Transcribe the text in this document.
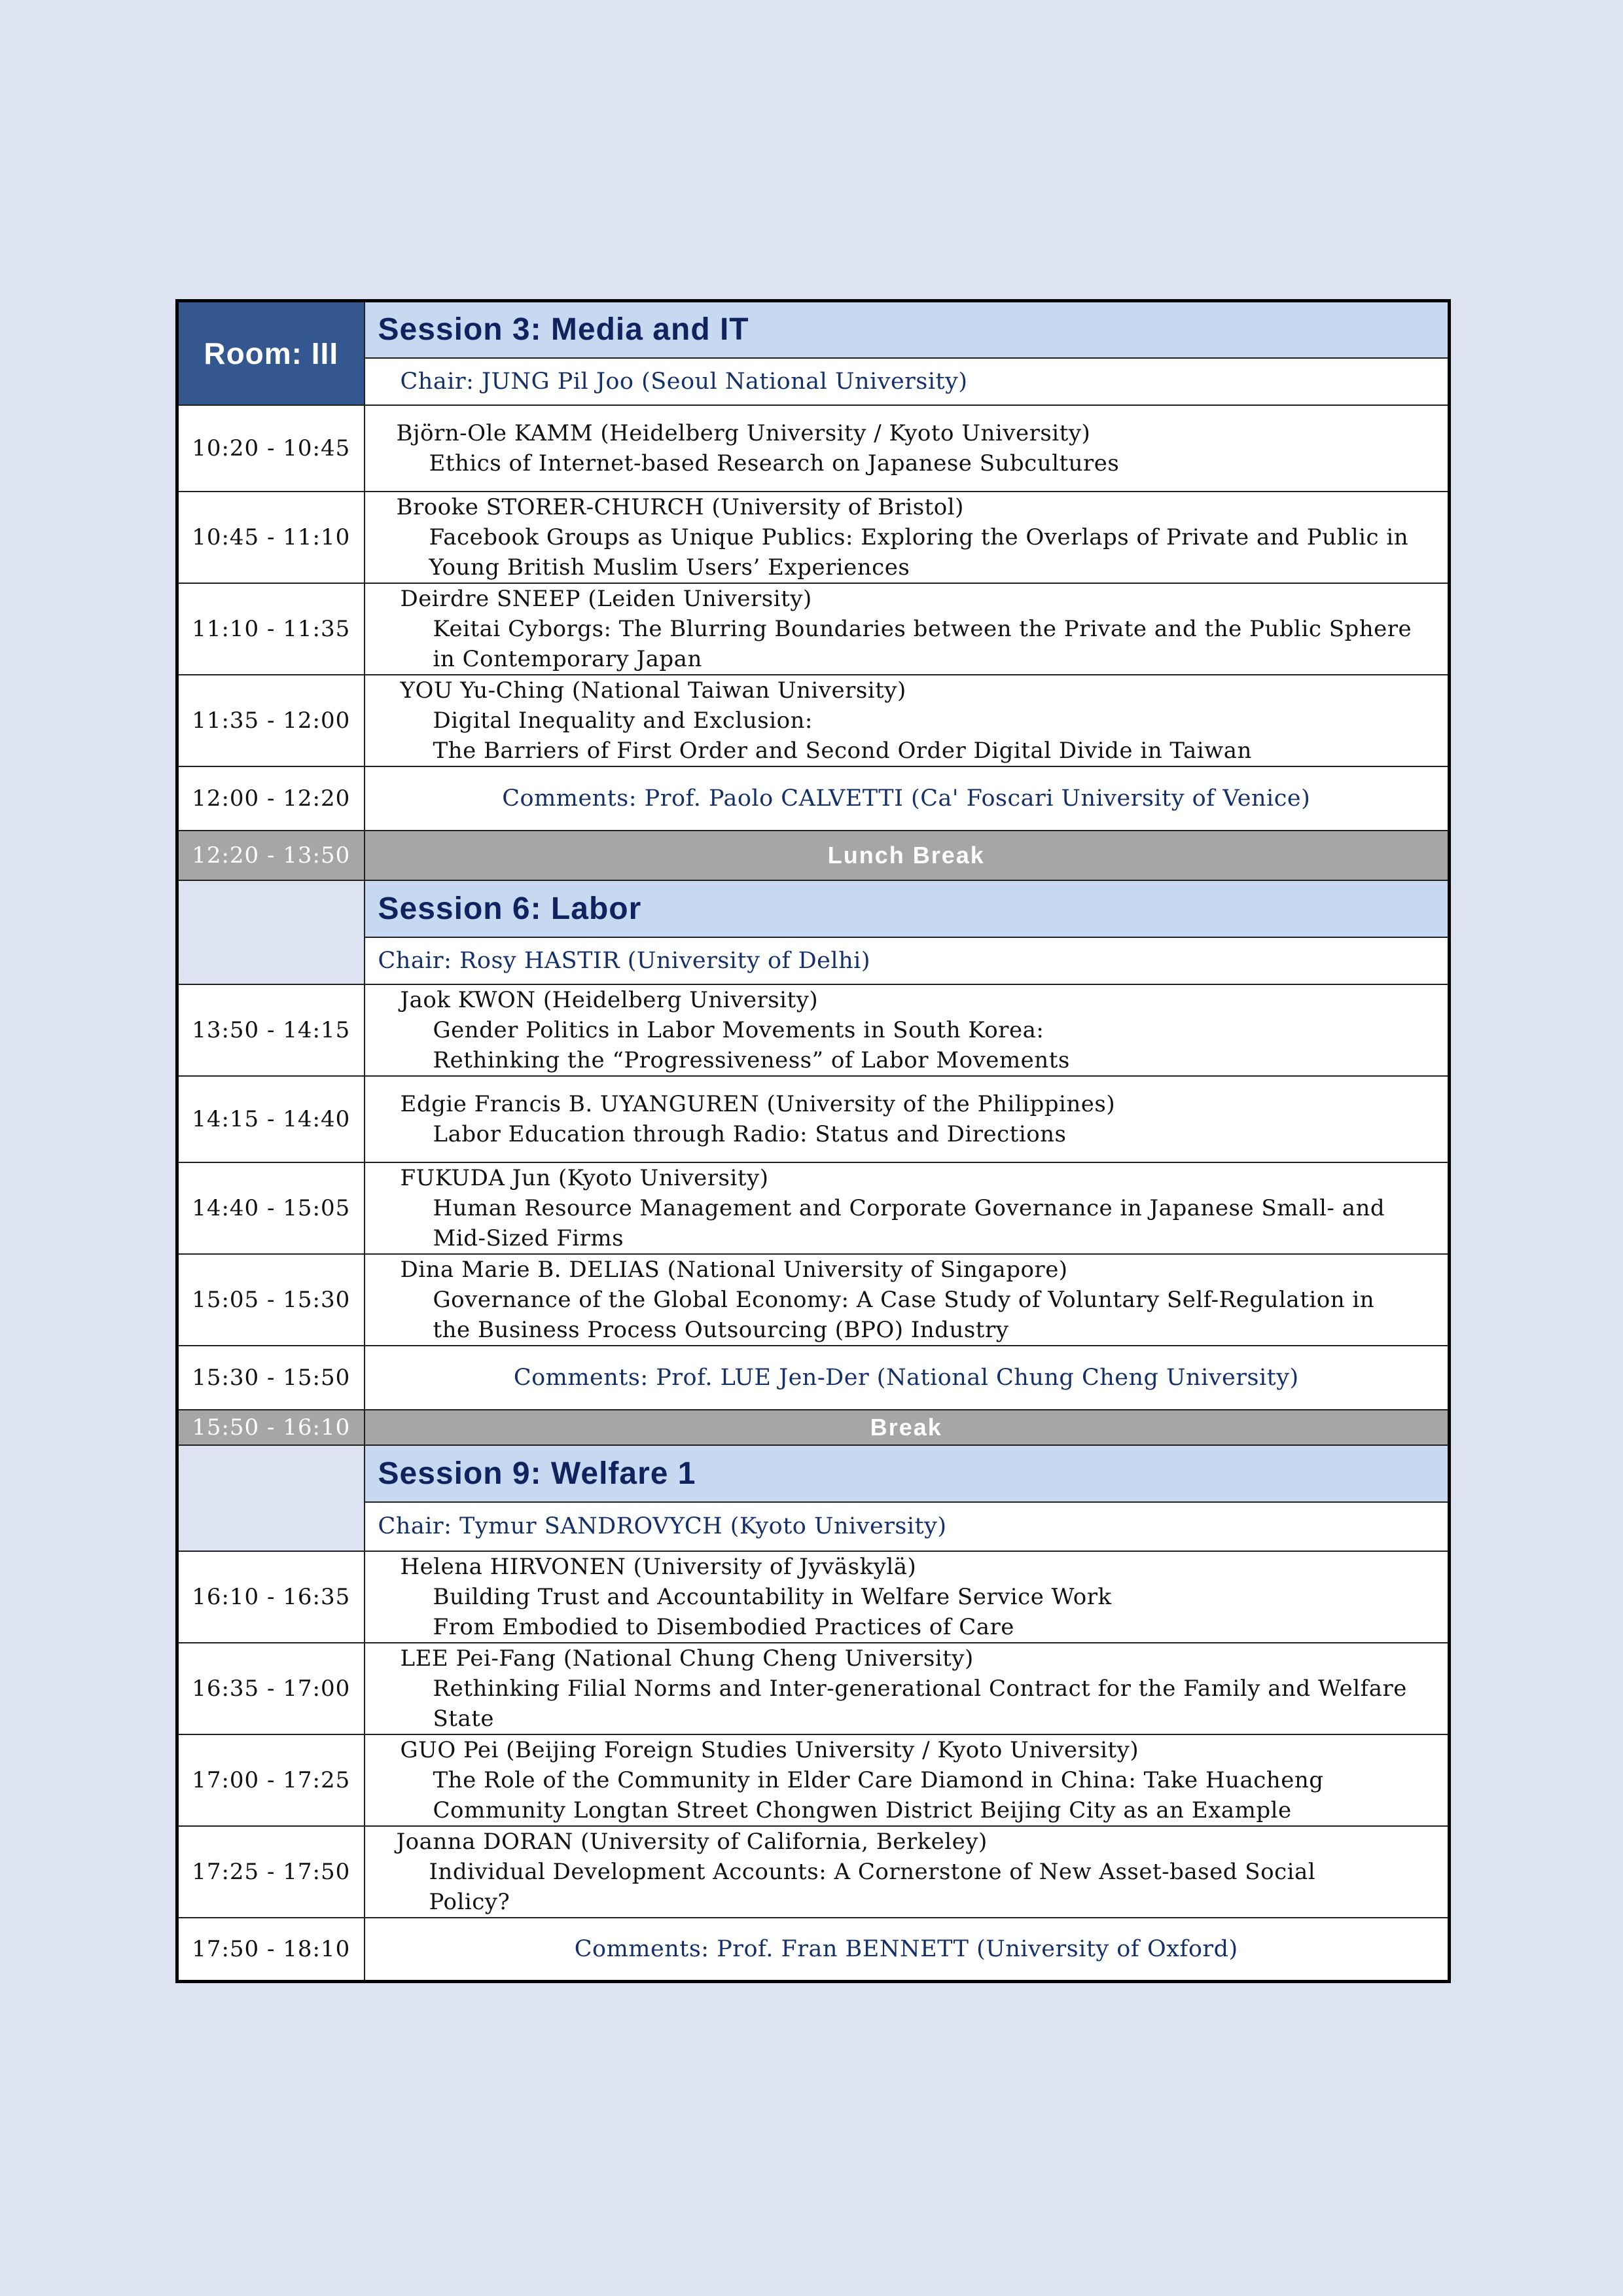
Room: III	Session 3: Media and IT
	Chair: JUNG Pil Joo (Seoul National University)
10:20 - 10:45	Björn-Ole KAMM (Heidelberg University / Kyoto University)
Ethics of Internet-based Research on Japanese Subcultures

10:45 - 11:10	Brooke STORER-CHURCH (University of Bristol)
Facebook Groups as Unique Publics: Exploring the Overlaps of Private and Public in
Young British Muslim Users’ Experiences

11:10 - 11:35	Deirdre SNEEP (Leiden University)
Keitai Cyborgs: The Blurring Boundaries between the Private and the Public Sphere
in Contemporary Japan

11:35 - 12:00	YOU Yu-Ching (National Taiwan University)
Digital Inequality and Exclusion:
The Barriers of First Order and Second Order Digital Divide in Taiwan

12:00 - 12:20	Comments: Prof. Paolo CALVETTI (Ca' Foscari University of Venice)
12:20 - 13:50	Lunch Break
	Session 6: Labor
	Chair: Rosy HASTIR (University of Delhi)
13:50 - 14:15	Jaok KWON (Heidelberg University)
Gender Politics in Labor Movements in South Korea:
Rethinking the “Progressiveness” of Labor Movements

14:15 - 14:40	Edgie Francis B. UYANGUREN (University of the Philippines)
Labor Education through Radio: Status and Directions

14:40 - 15:05	FUKUDA Jun (Kyoto University)
Human Resource Management and Corporate Governance in Japanese Small- and
Mid-Sized Firms

15:05 - 15:30	Dina Marie B. DELIAS (National University of Singapore)
Governance of the Global Economy: A Case Study of Voluntary Self-Regulation in
the Business Process Outsourcing (BPO) Industry

15:30 - 15:50	Comments: Prof. LUE Jen-Der (National Chung Cheng University)
15:50 - 16:10	Break
	Session 9: Welfare 1
	Chair: Tymur SANDROVYCH (Kyoto University)
16:10 - 16:35	Helena HIRVONEN (University of Jyväskylä)
Building Trust and Accountability in Welfare Service Work
From Embodied to Disembodied Practices of Care

16:35 - 17:00	LEE Pei-Fang (National Chung Cheng University)
Rethinking Filial Norms and Inter-generational Contract for the Family and Welfare
State

17:00 - 17:25	GUO Pei (Beijing Foreign Studies University / Kyoto University)
The Role of the Community in Elder Care Diamond in China: Take Huacheng
Community Longtan Street Chongwen District Beijing City as an Example

17:25 - 17:50	Joanna DORAN (University of California, Berkeley)
Individual Development Accounts: A Cornerstone of New Asset-based Social
Policy?

17:50 - 18:10	Comments: Prof. Fran BENNETT (University of Oxford)
